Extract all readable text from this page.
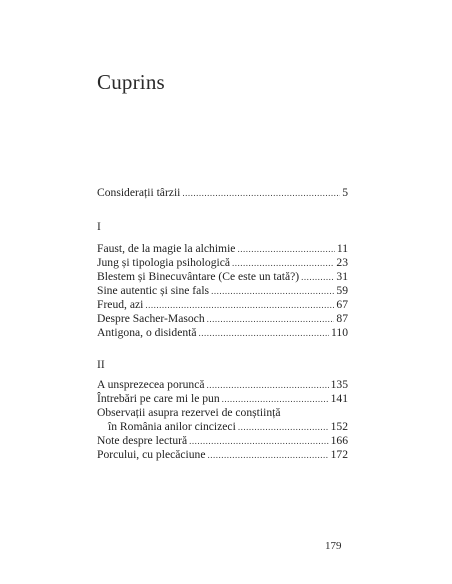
Cuprins
Considerații târzii .....	5
I
Faust, de la magie la alchimie .....	11
Jung și tipologia psihologică .....	23
Blestem și Binecuvântare (Ce este un tată?) .....	31
Sine autentic și sine fals .....	59
Freud, azi .....	67
Despre Sacher-Masoch .....	87
Antigona, o disidentă .....	110
II
A unsprezecea poruncă .....	135
Întrebări pe care mi le pun .....	141
Observații asupra rezervei de conștiință
în România anilor cincizeci .....	152
Note despre lectură .....	166
Porcului, cu plecăciune .....	172
179
